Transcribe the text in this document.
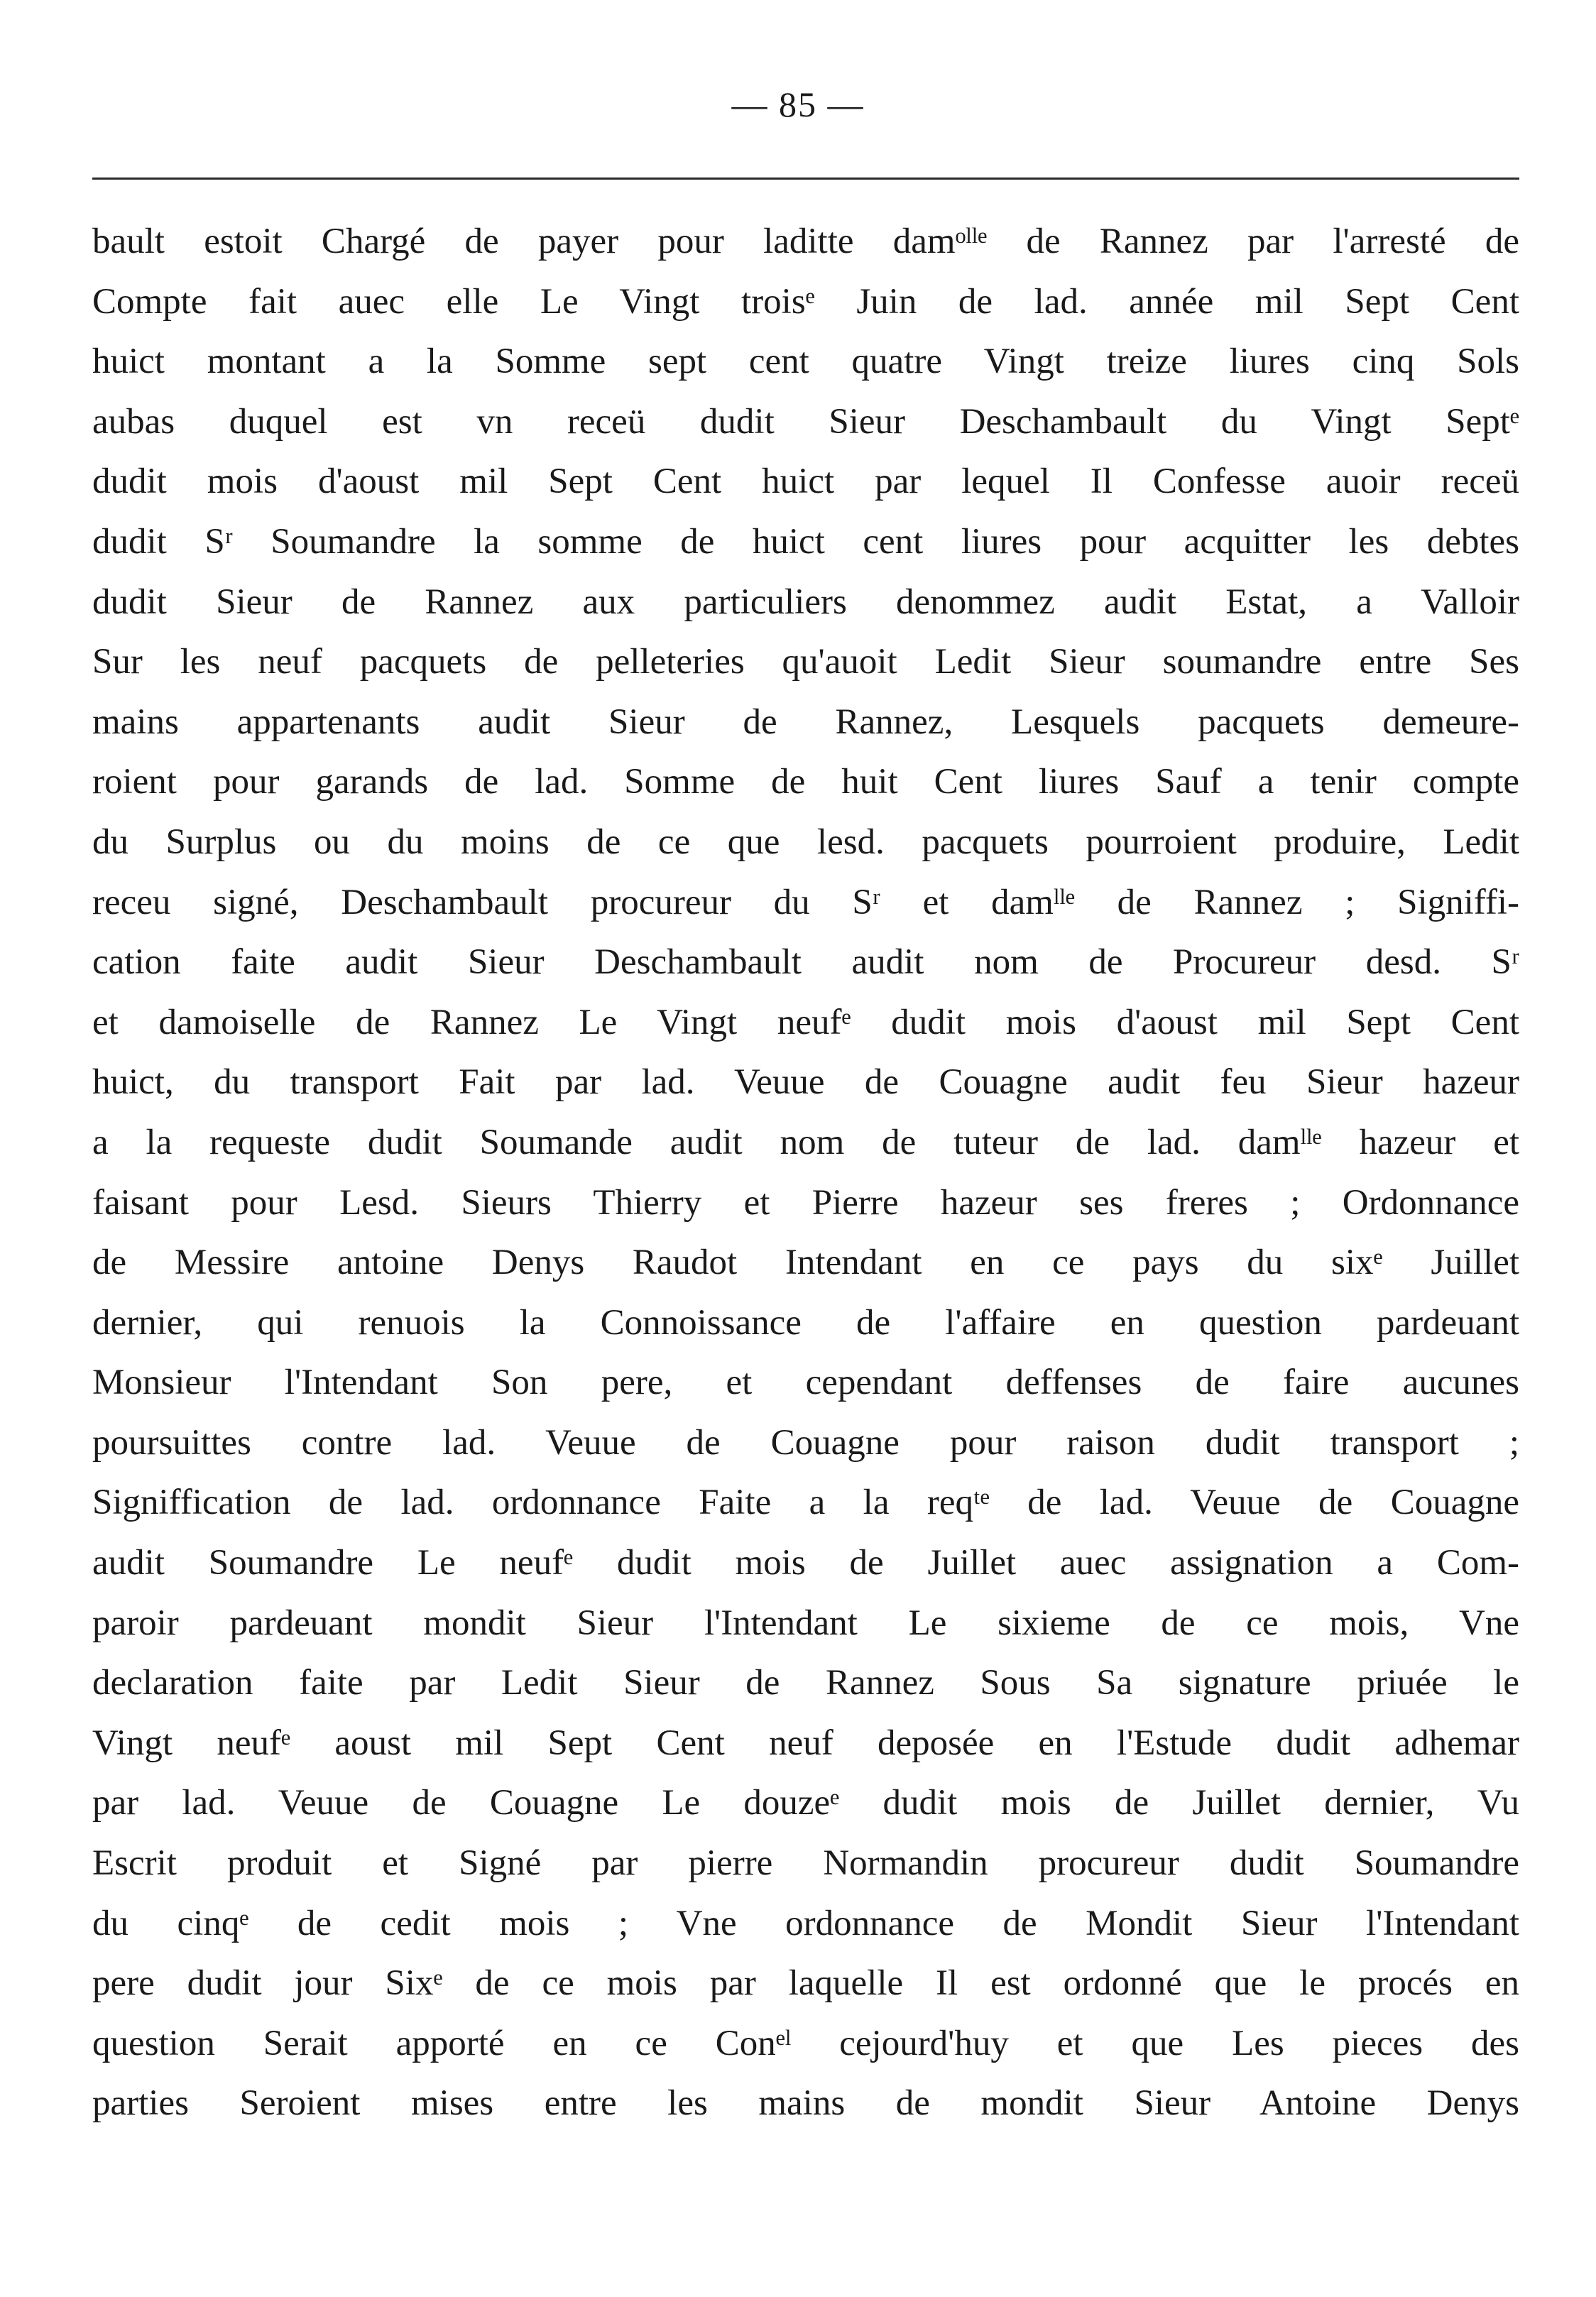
— 85 —
bault estoit Chargé de payer pour ladittе damᵒˡˡᵉ de Rannez par l'arresté de
Compte fait auec elle Le Vingt troisᵉ Juin de lad. année mil Sept Cent
huict montant a la Somme sept cent quatre Vingt treize liures cinq Sols
aubas duquel est vn receü dudit Sieur Deschambault du Vingt Septᵉ
dudit mois d'aoust mil Sept Cent huict par lequel Il Confesse auoir receü
dudit Sʳ Soumandre la somme de huict cent liures pour acquitter les debtes
dudit Sieur de Rannez aux particuliers denommez audit Estat, a Valloir
Sur les neuf pacquets de pelleteries qu'auoit Ledit Sieur soumandre entre Ses
mains appartenants audit Sieur de Rannez, Lesquels pacquets demeure-
roient pour garands de lad. Somme de huit Cent liures Sauf a tenir compte
du Surplus ou du moins de ce que lesd. pacquets pourroient produire, Ledit
receu signé, Deschambault procureur du Sʳ et damˡˡᵉ de Rannez ; Signiffi-
cation faite audit Sieur Deschambault audit nom de Procureur desd. Sʳ
et damoiselle de Rannez Le Vingt neufᵉ dudit mois d'aoust mil Sept Cent
huict, du transport Fait par lad. Veuue de Couagne audit feu Sieur hazeur
a la requeste dudit Soumande audit nom de tuteur de lad. damˡˡᵉ hazeur et
faisant pour Lesd. Sieurs Thierry et Pierre hazeur ses freres ; Ordonnance
de Messire antoine Denys Raudot Intendant en ce pays du sixᵉ Juillet
dernier, qui renuois la Connoissance de l'affaire en question pardeuant
Monsieur l'Intendant Son pere, et cependant deffenses de faire aucunes
poursuittes contre lad. Veuue de Couagne pour raison dudit transport ;
Signiffication de lad. ordonnance Faite a la reqᵗᵉ de lad. Veuue de Couagne
audit Soumandre Le neufᵉ dudit mois de Juillet auec assignation a Com-
paroir pardeuant mondit Sieur l'Intendant Le sixieme de ce mois, Vne
declaration faite par Ledit Sieur de Rannez Sous Sa signature priuée le
Vingt neufᵉ aoust mil Sept Cent neuf deposée en l'Estude dudit adhemar
par lad. Veuue de Couagne Le douzeᵉ dudit mois de Juillet dernier, Vu
Escrit produit et Signé par pierre Normandin procureur dudit Soumandre
du cinqᵉ de cedit mois ; Vne ordonnance de Mondit Sieur l'Intendant
pere dudit jour Sixᵉ de ce mois par laquelle Il est ordonné que le procés en
question Serait apporté en ce Conᵉˡ cejourd'huy et que Les pieces des
parties Seroient mises entre les mains de mondit Sieur Antoine Denys
